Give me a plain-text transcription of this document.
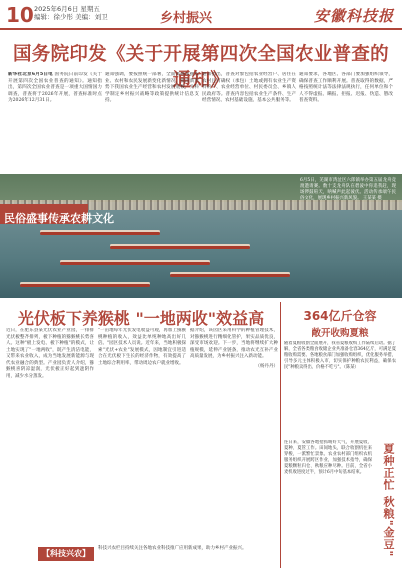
10 2025年6月6日 星期五
编辑：徐少彤 美编：刘卫	乡村振兴	安徽科技报
国务院印发《关于开展第四次全国农业普查的通知》
新华社北京6月5日电 国务院日前印发《关于开展第四次全国农业普查的通知》。通知指出，第四次全国农业普查是一项重大国情国力调查，普查将于2026年开展，普查标准时点为2026年12月31日。
通知强调，要按照统一部署，全面准确掌握农业、农村和农民发展新变化新情况，摸清新形势下我国农业生产经营和农村发展底数，为科学制定乡村振兴战略等政策提供统计信息支持。
通知指出，普查对象包括农业经营户、居住在农村且有确权（承包）土地或拥有农业生产资料的户、农业经营单位、村民委员会、乡镇人民政府等。普查内容包括农业生产条件、生产经营情况、农村基础设施、基本公共服务等。
通知要求，各地区、各部门要加强组织领导，确保普查工作顺利开展。普查取得的数据，严格按照统计法等法律法规执行，任何单位和个人不得虚报、瞒报、拒报、迟报、伪造、篡改普查资料。
6月5日，芜湖市湾沚区六郎镇举办第五届龙舟竞渡邀请赛。数十支龙舟队在碧波中你追我赶，现场锣鼓喧天，呐喊声此起彼伏。活动传承端午民俗文化，展现乡村振兴新风貌。 王某某 摄
民俗盛事传承农耕文化
光伏板下养猴桃 "一地两收"效益高
近日，在肥东县某光伏农业产业园，一排排光伏板整齐排列，板下种植的猕猴桃长势喜人。这种"板上发电、板下种植"的模式，让土地实现了"一地两收"，既产生清洁电能，又带来农业收入，成为当地发展新能源与现代农业融合的典型。产业园负责人介绍，猕猴桃喜阴凉湿润，光伏板正好起到遮阴作用，减少水分蒸发。
"一亩地每年光伏发电收益可观，再加上猕猴桃种植的收入，效益比单纯种地高出好几倍。"园区技术人员说。近年来，当地积极探索"光伏+农业"发展模式，因地制宜引进适合在光伏板下生长的经济作物，有效提高了土地综合利用率，带动周边农户就业增收。
据介绍，该园区采用科学的种植管理技术，对猕猴桃进行精细化管护，果实品质优良，深受市场欢迎。下一步，当地将继续扩大种植规模，延伸产业链条，推动农光互补产业高质量发展，为乡村振兴注入新动能。
（杨丹丹）
【科技兴农】
科技兴农栏目持续关注各地农业科技推广应用新成果，助力乡村产业振兴。
364亿斤仓容
敞开收购夏粮
随着夏粮收割全面展开，我省夏粮收购工作陆续启动。据了解，全省各类粮食收储企业共准备仓容364亿斤，可满足夏粮收购需要。各地粮食部门加强收购组织，优化服务举措，引导多元主体积极入市，切实保护种粮农民利益，确保农民"种粮卖得出、价格不吃亏"。（陈某）
连日来，安徽各地抢抓晴好天气，开展夏收、夏种、夏管工作。田间地头，联合收割机往来穿梭，一派繁忙景象。农业农村部门组织农机服务组织开展跨区作业，加强技术指导，确保夏粮颗粒归仓、秋粮应种尽种。目前，全省小麦机收进度过半，预计6月中旬基本结束。	夏种正忙 秋粮"金豆"
